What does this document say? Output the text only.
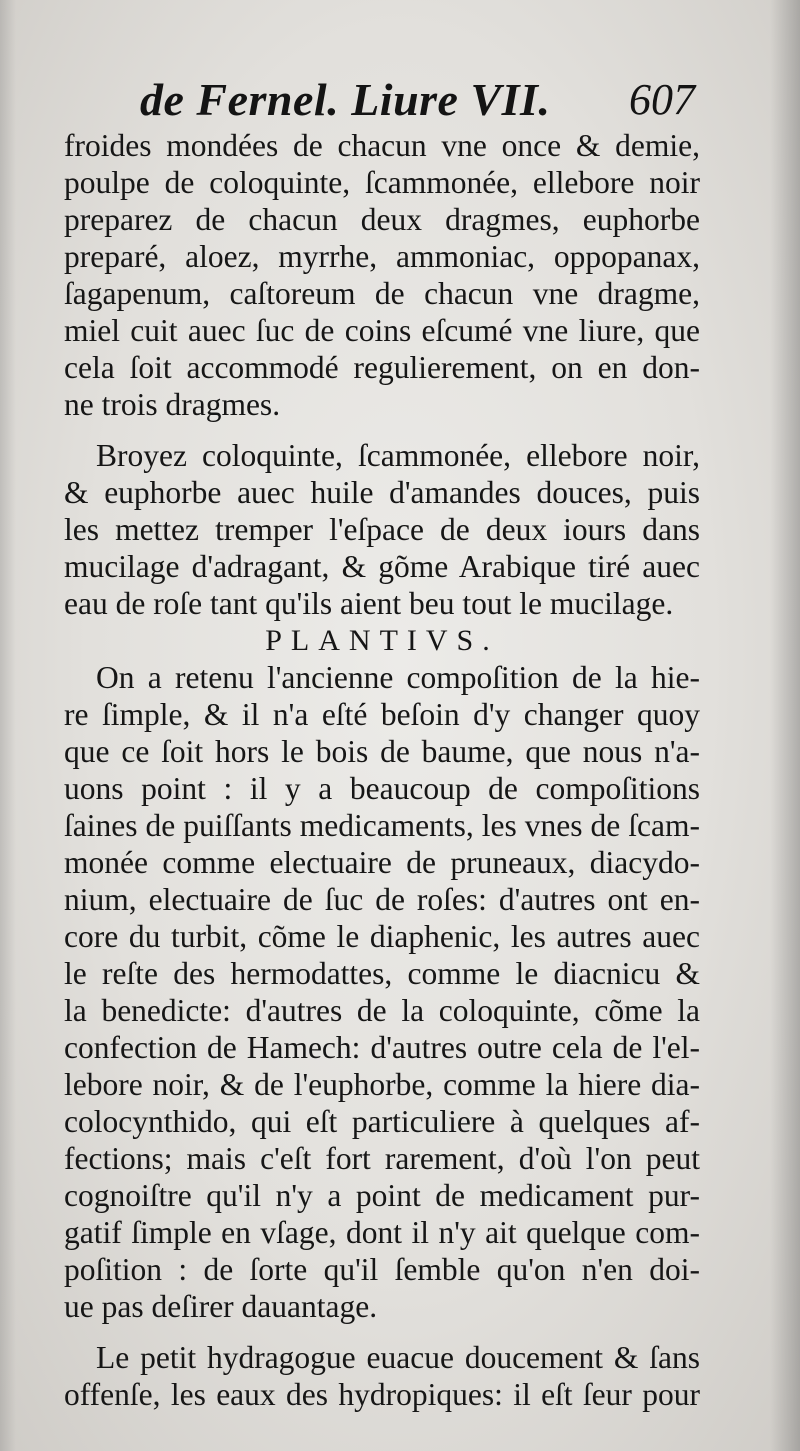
de Fernel. Liure VII. 607
froides mondées de chacun vne once & demie,
poulpe de coloquinte, ſcammonée, ellebore noir
preparez de chacun deux dragmes, euphorbe
preparé, aloez, myrrhe, ammoniac, oppopanax,
ſagapenum, caſtoreum de chacun vne dragme,
miel cuit auec ſuc de coins eſcumé vne liure, que
cela ſoit accommodé regulierement, on en don-
ne trois dragmes.
Broyez coloquinte, ſcammonée, ellebore noir,
& euphorbe auec huile d'amandes douces, puis
les mettez tremper l'eſpace de deux iours dans
mucilage d'adragant, & gõme Arabique tiré auec
eau de roſe tant qu'ils aient beu tout le mucilage.
PLANTIVS.
On a retenu l'ancienne compoſition de la hie-
re ſimple, & il n'a eſté beſoin d'y changer quoy
que ce ſoit hors le bois de baume, que nous n'a-
uons point : il y a beaucoup de compoſitions
ſaines de puiſſants medicaments, les vnes de ſcam-
monée comme electuaire de pruneaux, diacydo-
nium, electuaire de ſuc de roſes: d'autres ont en-
core du turbit, cõme le diaphenic, les autres auec
le reſte des hermodattes, comme le diacnicu &
la benedicte: d'autres de la coloquinte, cõme la
confection de Hamech: d'autres outre cela de l'el-
lebore noir, & de l'euphorbe, comme la hiere dia-
colocynthido, qui eſt particuliere à quelques af-
fections; mais c'eſt fort rarement, d'où l'on peut
cognoiſtre qu'il n'y a point de medicament pur-
gatif ſimple en vſage, dont il n'y ait quelque com-
poſition : de ſorte qu'il ſemble qu'on n'en doi-
ue pas deſirer dauantage.
Le petit hydragogue euacue doucement & ſans
offenſe, les eaux des hydropiques: il eſt ſeur pour
